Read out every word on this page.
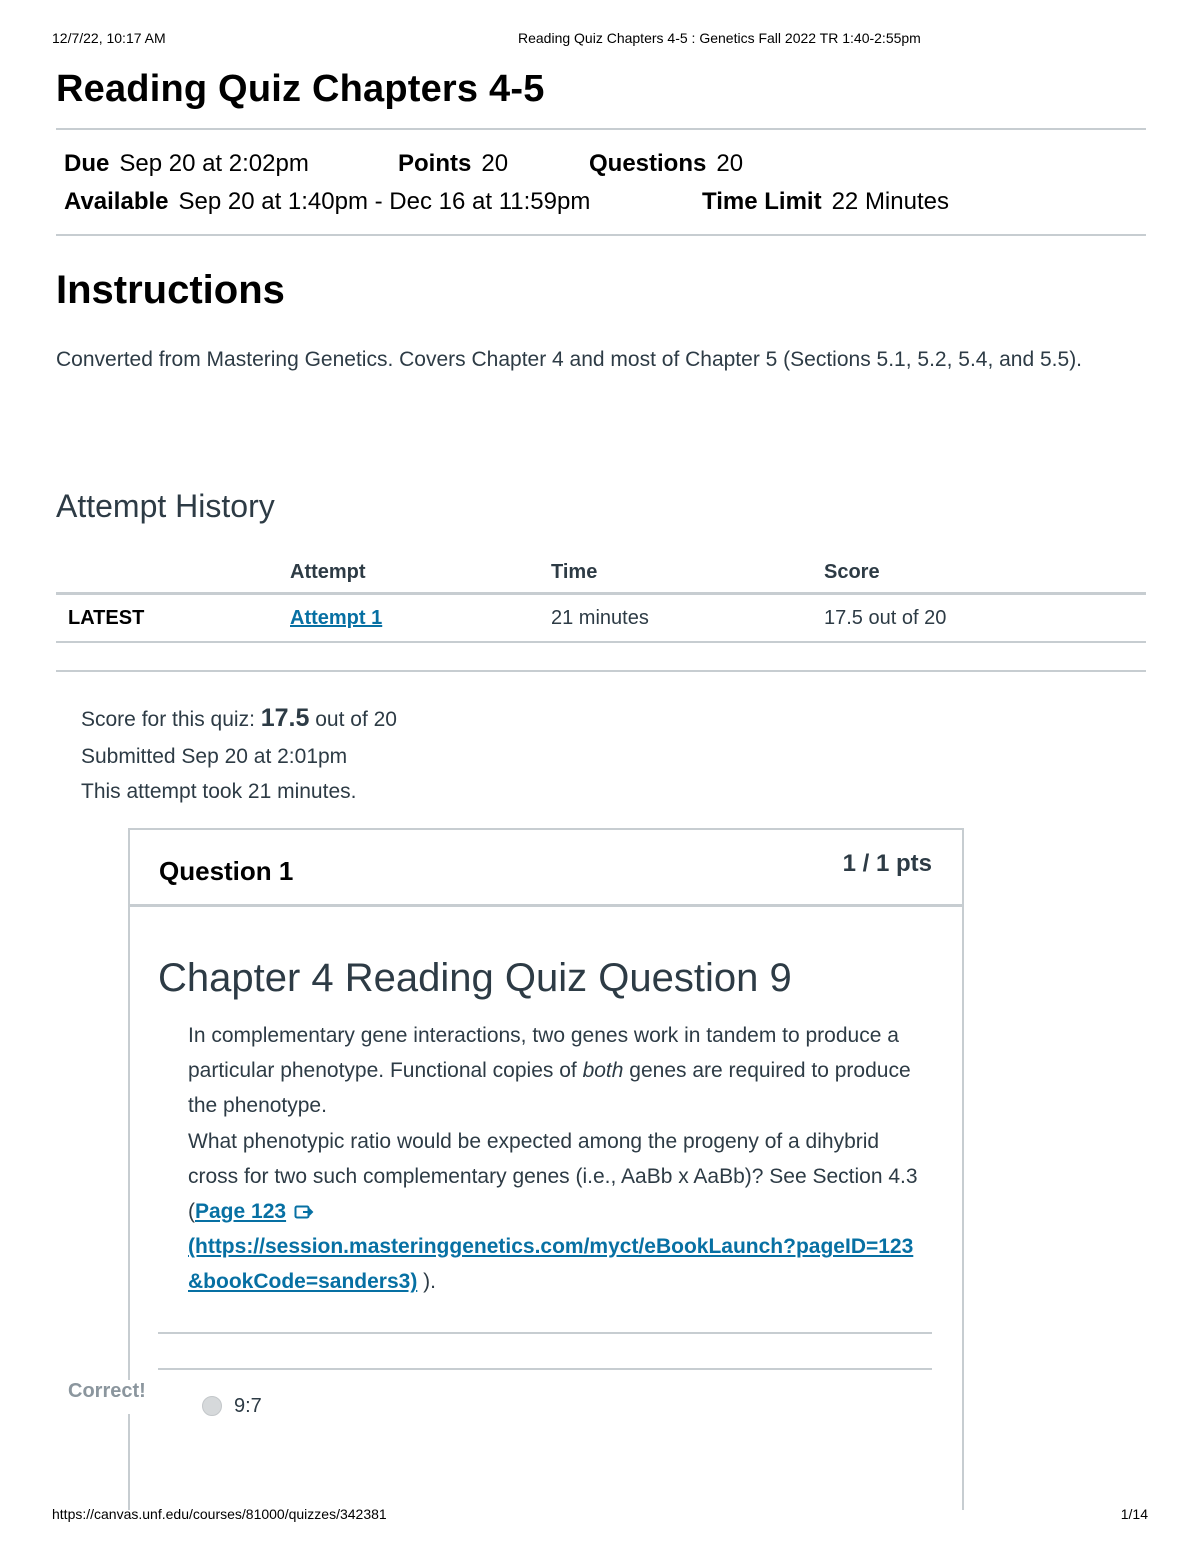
12/7/22, 10:17 AM	Reading Quiz Chapters 4-5 : Genetics Fall 2022 TR 1:40-2:55pm
Reading Quiz Chapters 4-5
Due Sep 20 at 2:02pm	Points 20	Questions 20
Available Sep 20 at 1:40pm - Dec 16 at 11:59pm	Time Limit 22 Minutes
Instructions

Converted from Mastering Genetics. Covers Chapter 4 and most of Chapter 5 (Sections 5.1, 5.2, 5.4, and 5.5).

Attempt History
	Attempt	Time	Score
LATEST	Attempt 1	21 minutes	17.5 out of 20
Score for this quiz: 17.5 out of 20
Submitted Sep 20 at 2:01pm
This attempt took 21 minutes.
Question 1	1 / 1 pts
Chapter 4 Reading Quiz Question 9

In complementary gene interactions, two genes work in tandem to produce a particular phenotype. Functional copies of both genes are required to produce the phenotype.

What phenotypic ratio would be expected among the progeny of a dihybrid cross for two such complementary genes (i.e., AaBb x AaBb)? See Section 4.3 (Page 123
(https://session.masteringgenetics.com/myct/eBookLaunch?pageID=123&bookCode=sanders3) ).

9:7
Correct!
https://canvas.unf.edu/courses/81000/quizzes/342381	1/14
